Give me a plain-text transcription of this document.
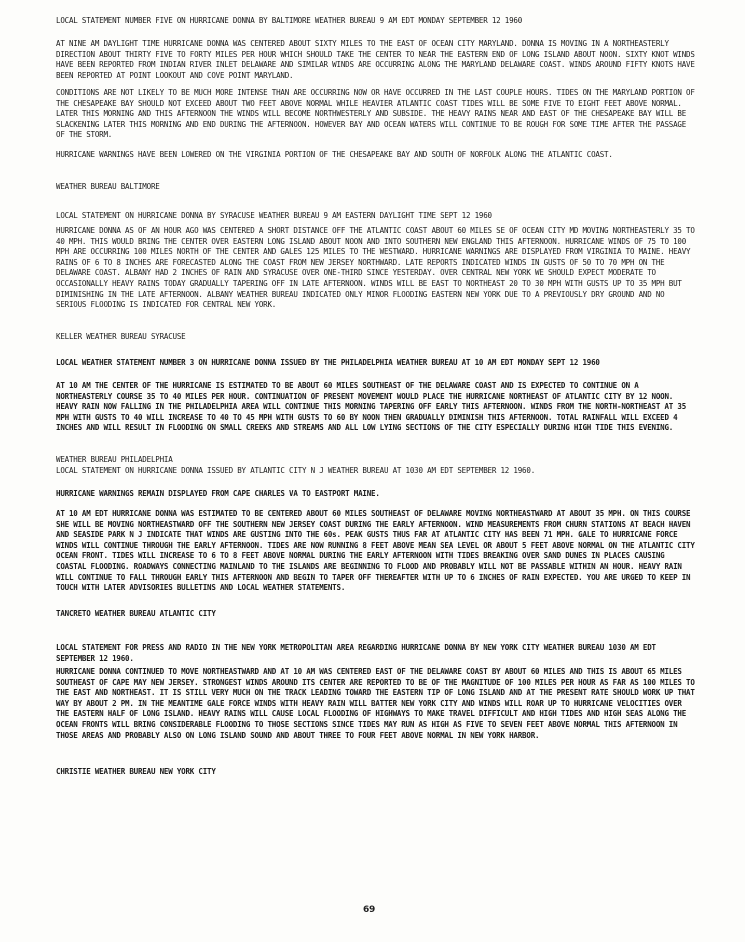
LOCAL STATEMENT NUMBER FIVE ON HURRICANE DONNA BY BALTIMORE WEATHER BUREAU 9 AM EDT MONDAY SEPTEMBER 12 1960

AT NINE AM DAYLIGHT TIME HURRICANE DONNA WAS CENTERED ABOUT SIXTY MILES TO THE EAST OF OCEAN CITY MARYLAND. DONNA IS MOVING IN A NORTHEASTERLY DIRECTION ABOUT THIRTY FIVE TO FORTY MILES PER HOUR WHICH SHOULD TAKE THE CENTER TO NEAR THE EASTERN END OF LONG ISLAND ABOUT NOON. SIXTY KNOT WINDS HAVE BEEN REPORTED FROM INDIAN RIVER INLET DELAWARE AND SIMILAR WINDS ARE OCCURRING ALONG THE MARYLAND DELAWARE COAST. WINDS AROUND FIFTY KNOTS HAVE BEEN REPORTED AT POINT LOOKOUT AND COVE POINT MARYLAND.

CONDITIONS ARE NOT LIKELY TO BE MUCH MORE INTENSE THAN ARE OCCURRING NOW OR HAVE OCCURRED IN THE LAST COUPLE HOURS. TIDES ON THE MARYLAND PORTION OF THE CHESAPEAKE BAY SHOULD NOT EXCEED ABOUT TWO FEET ABOVE NORMAL WHILE HEAVIER ATLANTIC COAST TIDES WILL BE SOME FIVE TO EIGHT FEET ABOVE NORMAL. LATER THIS MORNING AND THIS AFTERNOON THE WINDS WILL BECOME NORTHWESTERLY AND SUBSIDE. THE HEAVY RAINS NEAR AND EAST OF THE CHESAPEAKE BAY WILL BE SLACKENING LATER THIS MORNING AND END DURING THE AFTERNOON. HOWEVER BAY AND OCEAN WATERS WILL CONTINUE TO BE ROUGH FOR SOME TIME AFTER THE PASSAGE OF THE STORM.

HURRICANE WARNINGS HAVE BEEN LOWERED ON THE VIRGINIA PORTION OF THE CHESAPEAKE BAY AND SOUTH OF NORFOLK ALONG THE ATLANTIC COAST.

WEATHER BUREAU BALTIMORE

LOCAL STATEMENT ON HURRICANE DONNA BY SYRACUSE WEATHER BUREAU 9 AM EASTERN DAYLIGHT TIME SEPT 12 1960

HURRICANE DONNA AS OF AN HOUR AGO WAS CENTERED A SHORT DISTANCE OFF THE ATLANTIC COAST ABOUT 60 MILES SE OF OCEAN CITY MD MOVING NORTHEASTERLY 35 TO 40 MPH. THIS WOULD BRING THE CENTER OVER EASTERN LONG ISLAND ABOUT NOON AND INTO SOUTHERN NEW ENGLAND THIS AFTERNOON. HURRICANE WINDS OF 75 TO 100 MPH ARE OCCURRING 100 MILES NORTH OF THE CENTER AND GALES 125 MILES TO THE WESTWARD. HURRICANE WARNINGS ARE DISPLAYED FROM VIRGINIA TO MAINE. HEAVY RAINS OF 6 TO 8 INCHES ARE FORECASTED ALONG THE COAST FROM NEW JERSEY NORTHWARD. LATE REPORTS INDICATED WINDS IN GUSTS OF 50 TO 70 MPH ON THE DELAWARE COAST. ALBANY HAD 2 INCHES OF RAIN AND SYRACUSE OVER ONE-THIRD SINCE YESTERDAY. OVER CENTRAL NEW YORK WE SHOULD EXPECT MODERATE TO OCCASIONALLY HEAVY RAINS TODAY GRADUALLY TAPERING OFF IN LATE AFTERNOON. WINDS WILL BE EAST TO NORTHEAST 20 TO 30 MPH WITH GUSTS UP TO 35 MPH BUT DIMINISHING IN THE LATE AFTERNOON. ALBANY WEATHER BUREAU INDICATED ONLY MINOR FLOODING EASTERN NEW YORK DUE TO A PREVIOUSLY DRY GROUND AND NO SERIOUS FLOODING IS INDICATED FOR CENTRAL NEW YORK.

KELLER WEATHER BUREAU SYRACUSE

LOCAL WEATHER STATEMENT NUMBER 3 ON HURRICANE DONNA ISSUED BY THE PHILADELPHIA WEATHER BUREAU AT 10 AM EDT MONDAY SEPT 12 1960

AT 10 AM THE CENTER OF THE HURRICANE IS ESTIMATED TO BE ABOUT 60 MILES SOUTHEAST OF THE DELAWARE COAST AND IS EXPECTED TO CONTINUE ON A NORTHEASTERLY COURSE 35 TO 40 MILES PER HOUR. CONTINUATION OF PRESENT MOVEMENT WOULD PLACE THE HURRICANE NORTHEAST OF ATLANTIC CITY BY 12 NOON. HEAVY RAIN NOW FALLING IN THE PHILADELPHIA AREA WILL CONTINUE THIS MORNING TAPERING OFF EARLY THIS AFTERNOON. WINDS FROM THE NORTH-NORTHEAST AT 35 MPH WITH GUSTS TO 40 WILL INCREASE TO 40 TO 45 MPH WITH GUSTS TO 60 BY NOON THEN GRADUALLY DIMINISH THIS AFTERNOON. TOTAL RAINFALL WILL EXCEED 4 INCHES AND WILL RESULT IN FLOODING ON SMALL CREEKS AND STREAMS AND ALL LOW LYING SECTIONS OF THE CITY ESPECIALLY DURING HIGH TIDE THIS EVENING.

WEATHER BUREAU PHILADELPHIA

LOCAL STATEMENT ON HURRICANE DONNA ISSUED BY ATLANTIC CITY N J WEATHER BUREAU AT 1030 AM EDT SEPTEMBER 12 1960.

HURRICANE WARNINGS REMAIN DISPLAYED FROM CAPE CHARLES VA TO EASTPORT MAINE.

AT 10 AM EDT HURRICANE DONNA WAS ESTIMATED TO BE CENTERED ABOUT 60 MILES SOUTHEAST OF DELAWARE MOVING NORTHEASTWARD AT ABOUT 35 MPH. ON THIS COURSE SHE WILL BE MOVING NORTHEASTWARD OFF THE SOUTHERN NEW JERSEY COAST DURING THE EARLY AFTERNOON. WIND MEASUREMENTS FROM CHURN STATIONS AT BEACH HAVEN AND SEASIDE PARK N J INDICATE THAT WINDS ARE GUSTING INTO THE 60s. PEAK GUSTS THUS FAR AT ATLANTIC CITY HAS BEEN 71 MPH. GALE TO HURRICANE FORCE WINDS WILL CONTINUE THROUGH THE EARLY AFTERNOON. TIDES ARE NOW RUNNING 8 FEET ABOVE MEAN SEA LEVEL OR ABOUT 5 FEET ABOVE NORMAL ON THE ATLANTIC CITY OCEAN FRONT. TIDES WILL INCREASE TO 6 TO 8 FEET ABOVE NORMAL DURING THE EARLY AFTERNOON WITH TIDES BREAKING OVER SAND DUNES IN PLACES CAUSING COASTAL FLOODING. ROADWAYS CONNECTING MAINLAND TO THE ISLANDS ARE BEGINNING TO FLOOD AND PROBABLY WILL NOT BE PASSABLE WITHIN AN HOUR. HEAVY RAIN WILL CONTINUE TO FALL THROUGH EARLY THIS AFTERNOON AND BEGIN TO TAPER OFF THEREAFTER WITH UP TO 6 INCHES OF RAIN EXPECTED. YOU ARE URGED TO KEEP IN TOUCH WITH LATER ADVISORIES BULLETINS AND LOCAL WEATHER STATEMENTS.

TANCRETO WEATHER BUREAU ATLANTIC CITY

LOCAL STATEMENT FOR PRESS AND RADIO IN THE NEW YORK METROPOLITAN AREA REGARDING HURRICANE DONNA BY NEW YORK CITY WEATHER BUREAU 1030 AM EDT SEPTEMBER 12 1960.

HURRICANE DONNA CONTINUED TO MOVE NORTHEASTWARD AND AT 10 AM WAS CENTERED EAST OF THE DELAWARE COAST BY ABOUT 60 MILES AND THIS IS ABOUT 65 MILES SOUTHEAST OF CAPE MAY NEW JERSEY. STRONGEST WINDS AROUND ITS CENTER ARE REPORTED TO BE OF THE MAGNITUDE OF 100 MILES PER HOUR AS FAR AS 100 MILES TO THE EAST AND NORTHEAST. IT IS STILL VERY MUCH ON THE TRACK LEADING TOWARD THE EASTERN TIP OF LONG ISLAND AND AT THE PRESENT RATE SHOULD WORK UP THAT WAY BY ABOUT 2 PM. IN THE MEANTIME GALE FORCE WINDS WITH HEAVY RAIN WILL BATTER NEW YORK CITY AND WINDS WILL ROAR UP TO HURRICANE VELOCITIES OVER THE EASTERN HALF OF LONG ISLAND. HEAVY RAINS WILL CAUSE LOCAL FLOODING OF HIGHWAYS TO MAKE TRAVEL DIFFICULT AND HIGH TIDES AND HIGH SEAS ALONG THE OCEAN FRONTS WILL BRING CONSIDERABLE FLOODING TO THOSE SECTIONS SINCE TIDES MAY RUN AS HIGH AS FIVE TO SEVEN FEET ABOVE NORMAL THIS AFTERNOON IN THOSE AREAS AND PROBABLY ALSO ON LONG ISLAND SOUND AND ABOUT THREE TO FOUR FEET ABOVE NORMAL IN NEW YORK HARBOR.

CHRISTIE WEATHER BUREAU NEW YORK CITY

69
